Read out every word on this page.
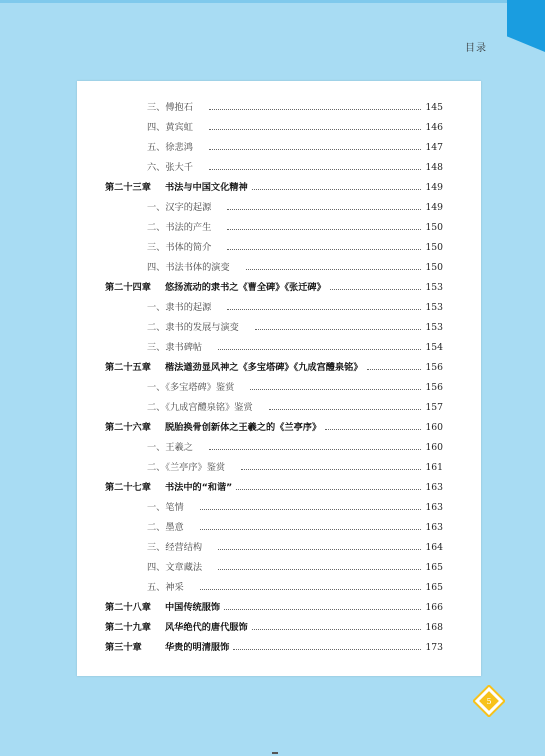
目录
三、傅抱石	145
四、黄宾虹	146
五、徐悲鸿	147
六、张大千	148
第二十三章 书法与中国文化精神	149
一、汉字的起源	149
二、书法的产生	150
三、书体的简介	150
四、书法书体的演变	150
第二十四章 悠扬流动的隶书之《曹全碑》《张迁碑》	153
一、隶书的起源	153
二、隶书的发展与演变	153
三、隶书碑帖	154
第二十五章 楷法遒劲显风神之《多宝塔碑》《九成宫醴泉铭》	156
一、《多宝塔碑》鉴赏	156
二、《九成宫醴泉铭》鉴赏	157
第二十六章 脱胎换骨创新体之王羲之的《兰亭序》	160
一、王羲之	160
二、《兰亭序》鉴赏	161
第二十七章 书法中的“和谐”	163
一、笔情	163
二、墨意	163
三、经营结构	164
四、文章藏法	165
五、神采	165
第二十八章 中国传统服饰	166
第二十九章 风华绝代的唐代服饰	168
第三十章	华贵的明清服饰	173
5
